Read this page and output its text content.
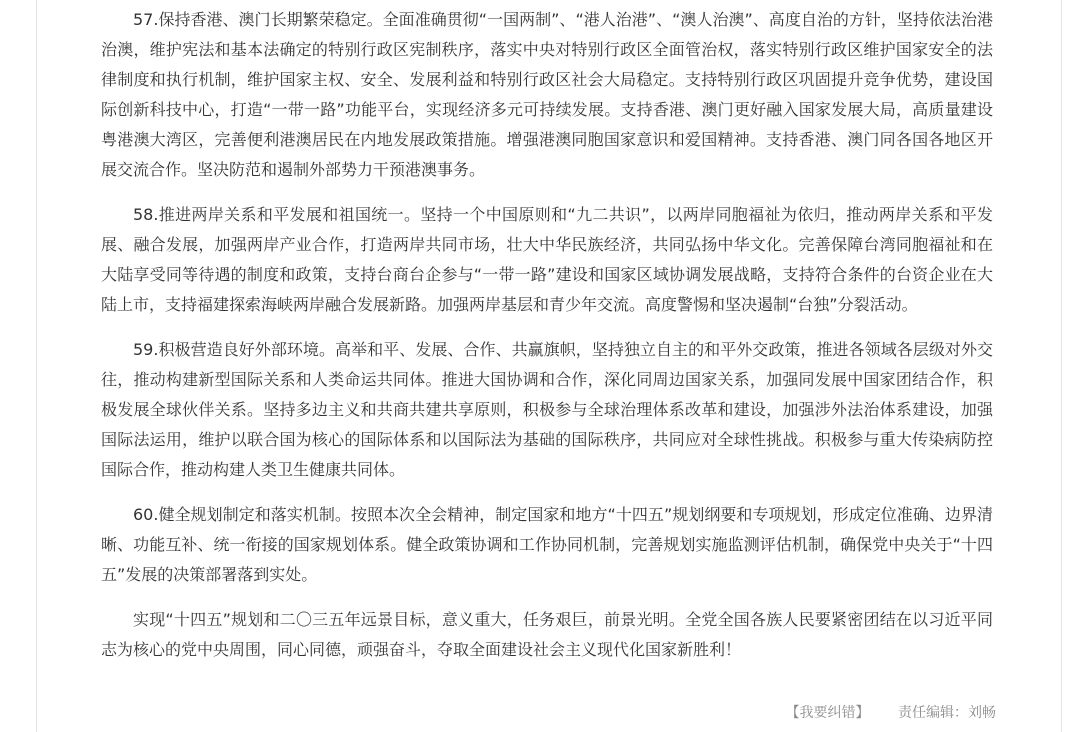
57.保持香港、澳门长期繁荣稳定。全面准确贯彻“一国两制”、“港人治港”、“澳人治澳”、高度自治的方针，坚持依法治港治澳，维护宪法和基本法确定的特别行政区宪制秩序，落实中央对特别行政区全面管治权，落实特别行政区维护国家安全的法律制度和执行机制，维护国家主权、安全、发展利益和特别行政区社会大局稳定。支持特别行政区巩固提升竞争优势，建设国际创新科技中心，打造“一带一路”功能平台，实现经济多元可持续发展。支持香港、澳门更好融入国家发展大局，高质量建设粤港澳大湾区，完善便利港澳居民在内地发展政策措施。增强港澳同胞国家意识和爱国精神。支持香港、澳门同各国各地区开展交流合作。坚决防范和遏制外部势力干预港澳事务。

58.推进两岸关系和平发展和祖国统一。坚持一个中国原则和“九二共识”，以两岸同胞福祉为依归，推动两岸关系和平发展、融合发展，加强两岸产业合作，打造两岸共同市场，壮大中华民族经济，共同弘扬中华文化。完善保障台湾同胞福祉和在大陆享受同等待遇的制度和政策，支持台商台企参与“一带一路”建设和国家区域协调发展战略，支持符合条件的台资企业在大陆上市，支持福建探索海峡两岸融合发展新路。加强两岸基层和青少年交流。高度警惕和坚决遏制“台独”分裂活动。

59.积极营造良好外部环境。高举和平、发展、合作、共赢旗帜，坚持独立自主的和平外交政策，推进各领域各层级对外交往，推动构建新型国际关系和人类命运共同体。推进大国协调和合作，深化同周边国家关系，加强同发展中国家团结合作，积极发展全球伙伴关系。坚持多边主义和共商共建共享原则，积极参与全球治理体系改革和建设，加强涉外法治体系建设，加强国际法运用，维护以联合国为核心的国际体系和以国际法为基础的国际秩序，共同应对全球性挑战。积极参与重大传染病防控国际合作，推动构建人类卫生健康共同体。

60.健全规划制定和落实机制。按照本次全会精神，制定国家和地方“十四五”规划纲要和专项规划，形成定位准确、边界清晰、功能互补、统一衔接的国家规划体系。健全政策协调和工作协同机制，完善规划实施监测评估机制，确保党中央关于“十四五”发展的决策部署落到实处。

实现“十四五”规划和二〇三五年远景目标，意义重大，任务艰巨，前景光明。全党全国各族人民要紧密团结在以习近平同志为核心的党中央周围，同心同德，顽强奋斗，夺取全面建设社会主义现代化国家新胜利！

【我要纠错】 责任编辑：刘畅
